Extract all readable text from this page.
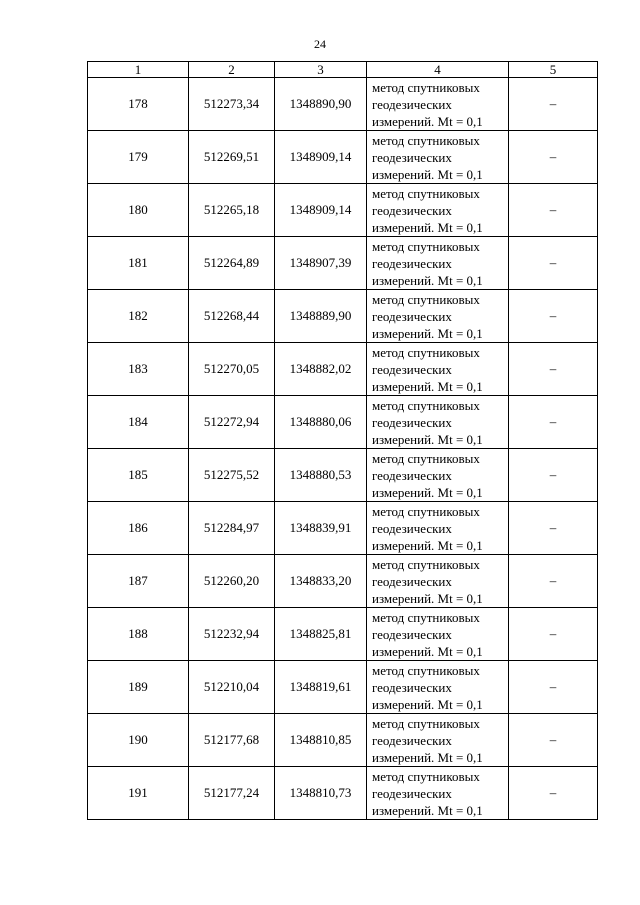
24
1	2	3	4	5
178	512273,34	1348890,90	метод спутниковых
геодезических
измерений. Mt = 0,1	–
179	512269,51	1348909,14	метод спутниковых
геодезических
измерений. Mt = 0,1	–
180	512265,18	1348909,14	метод спутниковых
геодезических
измерений. Mt = 0,1	–
181	512264,89	1348907,39	метод спутниковых
геодезических
измерений. Mt = 0,1	–
182	512268,44	1348889,90	метод спутниковых
геодезических
измерений. Mt = 0,1	–
183	512270,05	1348882,02	метод спутниковых
геодезических
измерений. Mt = 0,1	–
184	512272,94	1348880,06	метод спутниковых
геодезических
измерений. Mt = 0,1	–
185	512275,52	1348880,53	метод спутниковых
геодезических
измерений. Mt = 0,1	–
186	512284,97	1348839,91	метод спутниковых
геодезических
измерений. Mt = 0,1	–
187	512260,20	1348833,20	метод спутниковых
геодезических
измерений. Mt = 0,1	–
188	512232,94	1348825,81	метод спутниковых
геодезических
измерений. Mt = 0,1	–
189	512210,04	1348819,61	метод спутниковых
геодезических
измерений. Mt = 0,1	–
190	512177,68	1348810,85	метод спутниковых
геодезических
измерений. Mt = 0,1	–
191	512177,24	1348810,73	метод спутниковых
геодезических
измерений. Mt = 0,1	–
